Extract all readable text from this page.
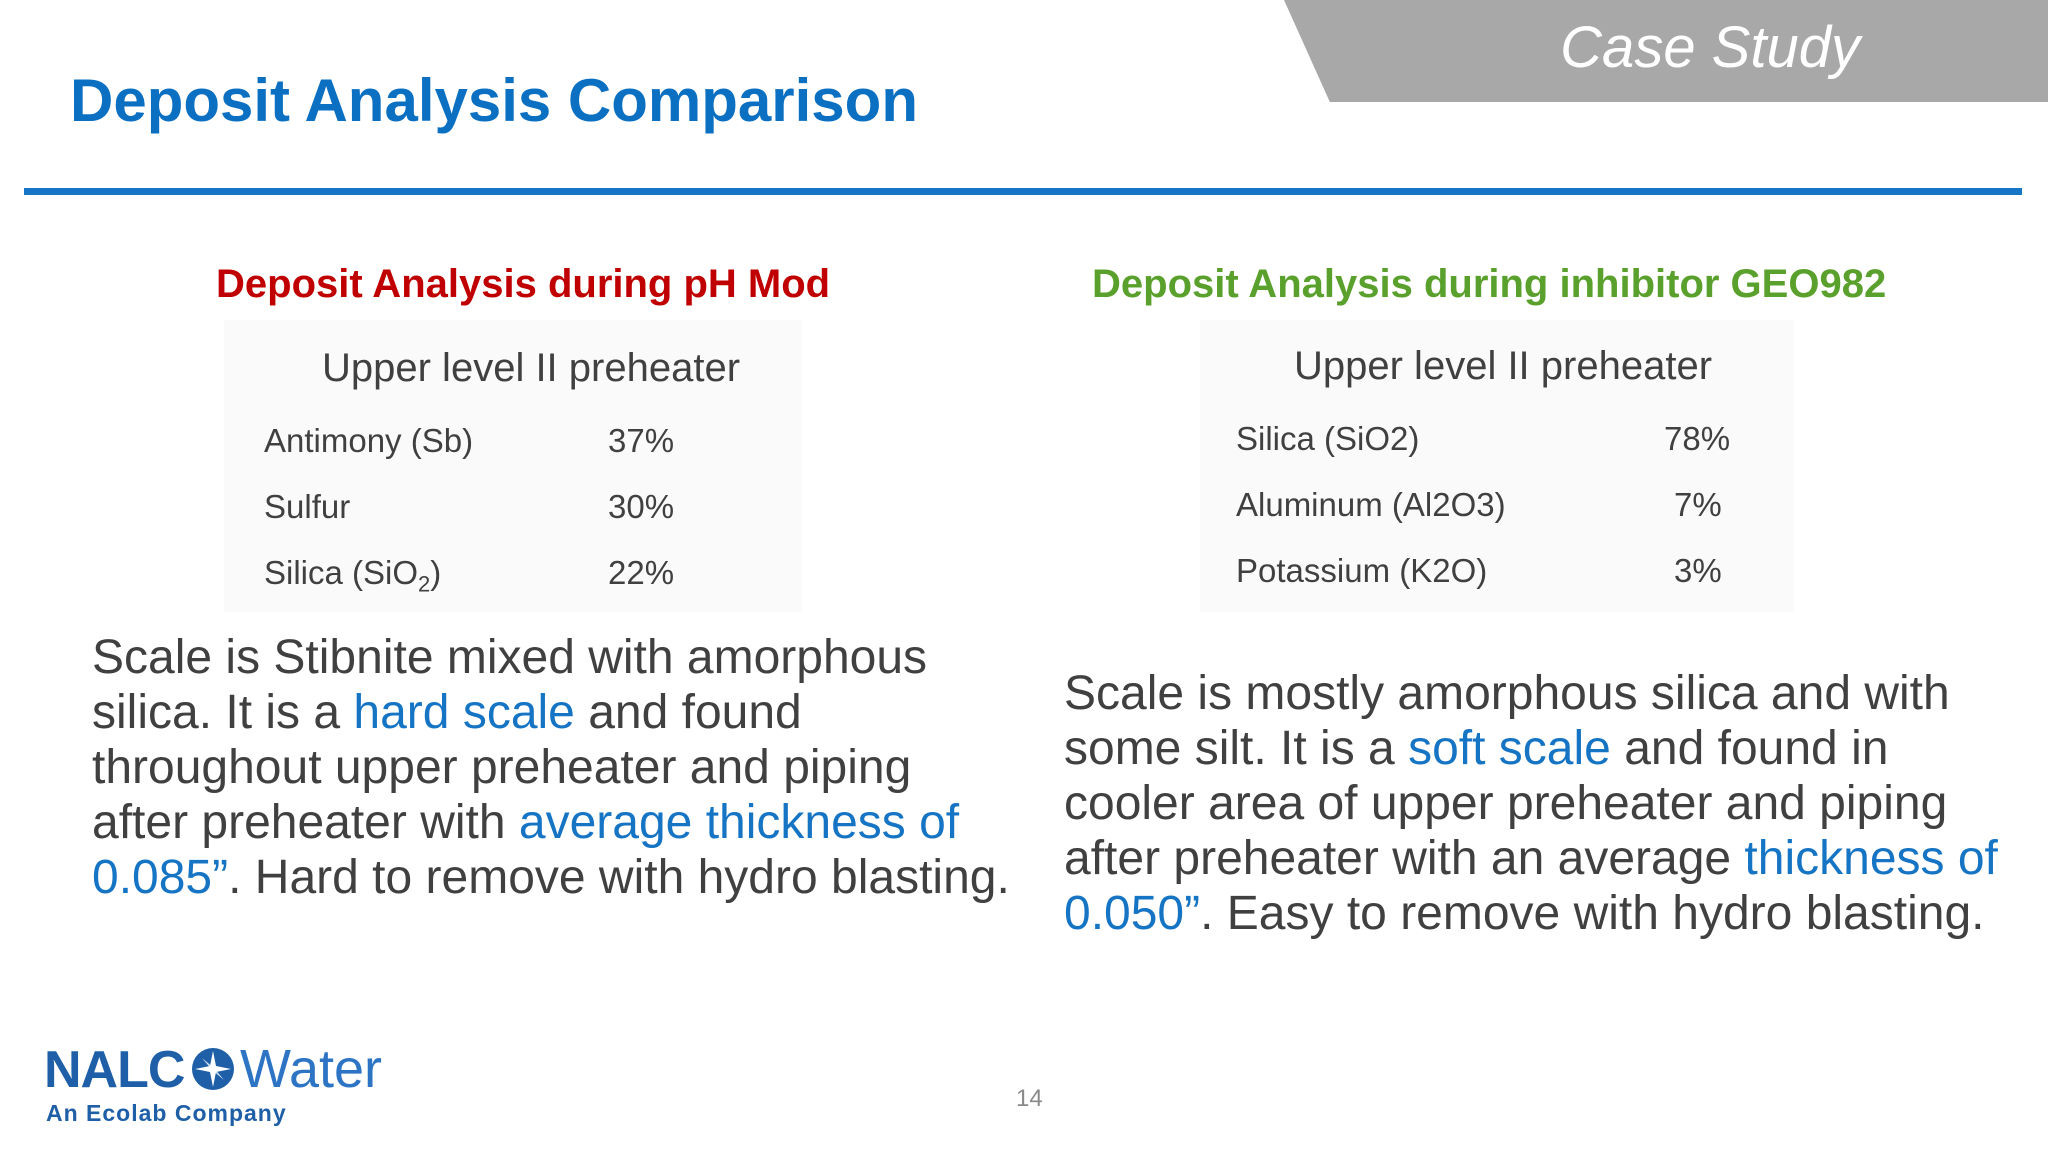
Case Study
Deposit Analysis Comparison
Deposit Analysis during pH Mod
Upper level II preheater
Antimony (Sb)	37%
Sulfur	30%
Silica (SiO$_2$)	22%
Scale is Stibnite mixed with amorphous silica. It is a hard scale and found throughout upper preheater and piping after preheater with average thickness of 0.085”. Hard to remove with hydro blasting.
Deposit Analysis during inhibitor GEO982
Upper level II preheater
Silica (SiO2)	78%
Aluminum (Al2O3)	7%
Potassium (K2O)	3%
Scale is mostly amorphous silica and with some silt. It is a soft scale and found in cooler area of upper preheater and piping after preheater with an average thickness of 0.050”. Easy to remove with hydro blasting.
NALC Water
An Ecolab Company
14
